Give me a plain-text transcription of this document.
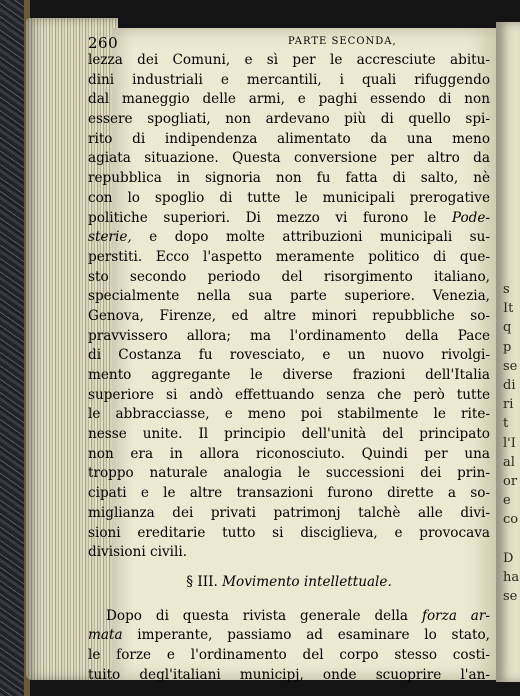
s
It
q
p
se
di
ri
t
l'I
al
or
e
co
D
ha
se
260	PARTE SECONDA,
lezza dei Comuni, e sì per le accresciute abitu-
dini industriali e mercantili, i quali rifuggendo
dal maneggio delle armi, e paghi essendo di non
essere spogliati, non ardevano più di quello spi-
rito di indipendenza alimentato da una meno
agiata situazione. Questa conversione per altro da
repubblica in signoria non fu fatta di salto, nè
con lo spoglio di tutte le municipali prerogative
politiche superiori. Di mezzo vi furono le Pode-
sterie, e dopo molte attribuzioni municipali su-
perstiti. Ecco l'aspetto meramente politico di que-
sto secondo periodo del risorgimento italiano,
specialmente nella sua parte superiore. Venezia,
Genova, Firenze, ed altre minori repubbliche so-
pravvissero allora; ma l'ordinamento della Pace
di Costanza fu rovesciato, e un nuovo rivolgi-
mento aggregante le diverse frazioni dell'Italia
superiore si andò effettuando senza che però tutte
le abbracciasse, e meno poi stabilmente le rite-
nesse unite. Il principio dell'unità del principato
non era in allora riconosciuto. Quindi per una
troppo naturale analogia le successioni dei prin-
cipati e le altre transazioni furono dirette a so-
miglianza dei privati patrimonj talchè alle divi-
sioni ereditarie tutto si disciglieva, e provocava
divisioni civili.
§ III. Movimento intellettuale.
Dopo di questa rivista generale della forza ar-
mata imperante, passiamo ad esaminare lo stato,
le forze e l'ordinamento del corpo stesso costi-
tuito degl'italiani municipj, onde scuoprire l'an-
